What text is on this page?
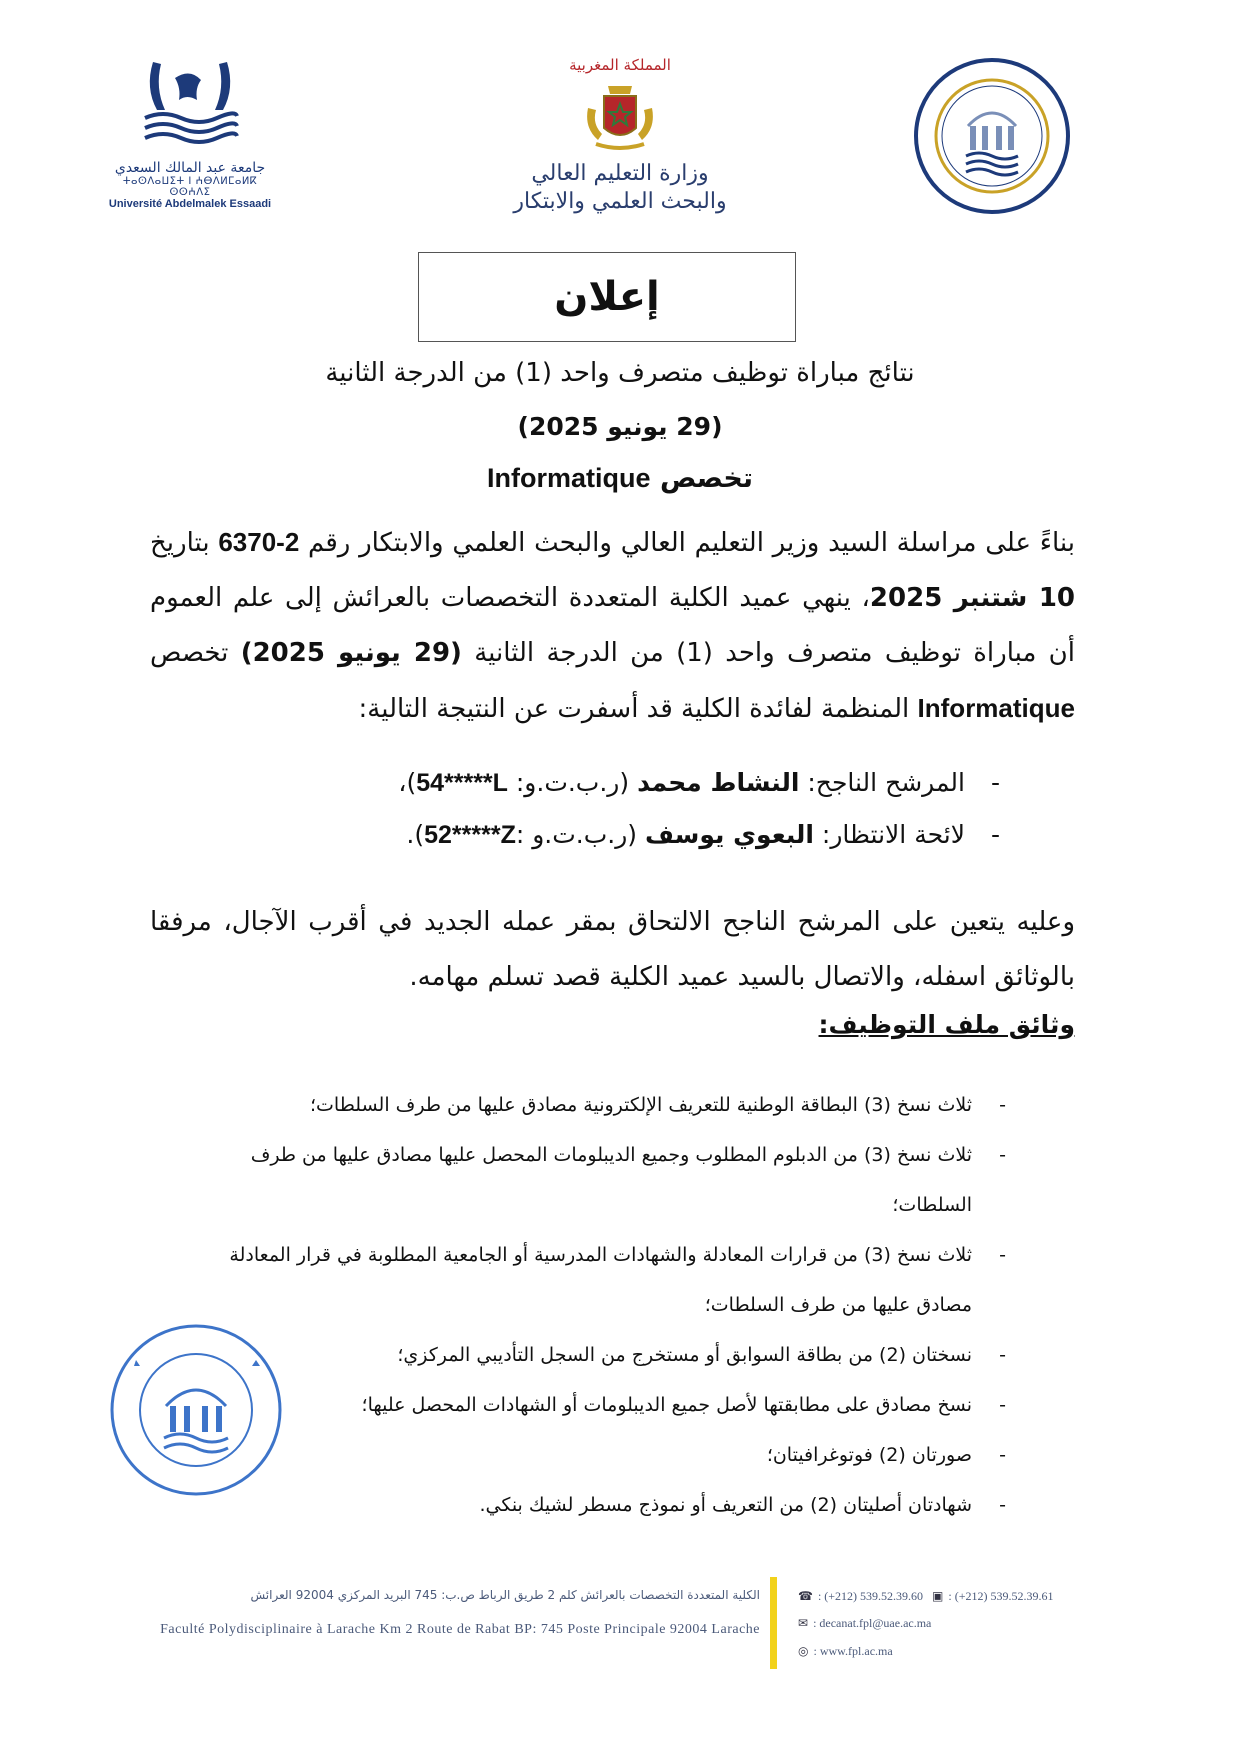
جامعة عبد المالك السعدي
ⵜⴰⵙⴷⴰⵡⵉⵜ ⵏ ⵄⴱⴷⵍⵎⴰⵍⴽ ⵙⵙⵄⴷⵉ
Université Abdelmalek Essaadi
المملكة المغربية
وزارة التعليم العالي
والبحث العلمي والابتكار
إعلان
نتائج مباراة توظيف متصرف واحد (1) من الدرجة الثانية
(29 يونيو 2025)
تخصص Informatique
بناءً على مراسلة السيد وزير التعليم العالي والبحث العلمي والابتكار رقم 2-6370 بتاريخ 10 شتنبر 2025، ينهي عميد الكلية المتعددة التخصصات بالعرائش إلى علم العموم أن مباراة توظيف متصرف واحد (1) من الدرجة الثانية (29 يونيو 2025) تخصص Informatique المنظمة لفائدة الكلية قد أسفرت عن النتيجة التالية:
-المرشح الناجح: النشاط محمد (ر.ب.ت.و: 54*****L)،
-لائحة الانتظار: البعوي يوسف (ر.ب.ت.و :52*****Z).
وعليه يتعين على المرشح الناجح الالتحاق بمقر عمله الجديد في أقرب الآجال، مرفقا بالوثائق اسفله، والاتصال بالسيد عميد الكلية قصد تسلم مهامه.
وثائق ملف التوظيف:
- ثلاث نسخ (3) البطاقة الوطنية للتعريف الإلكترونية مصادق عليها من طرف السلطات؛
- ثلاث نسخ (3) من الدبلوم المطلوب وجميع الديبلومات المحصل عليها مصادق عليها من طرف السلطات؛
- ثلاث نسخ (3) من قرارات المعادلة والشهادات المدرسية أو الجامعية المطلوبة في قرار المعادلة مصادق عليها من طرف السلطات؛
- نسختان (2) من بطاقة السوابق أو مستخرج من السجل التأديبي المركزي؛
- نسخ مصادق على مطابقتها لأصل جميع الديبلومات أو الشهادات المحصل عليها؛
- صورتان (2) فوتوغرافيتان؛
- شهادتان أصليتان (2) من التعريف أو نموذج مسطر لشيك بنكي.
الكلية المتعددة التخصصات بالعرائش كلم 2 طريق الرباط ص.ب: 745 البريد المركزي 92004 العرائش
Faculté Polydisciplinaire à Larache Km 2 Route de Rabat BP: 745 Poste Principale 92004 Larache
☎ : (+212) 539.52.39.60 ▣ : (+212) 539.52.39.61
✉ : decanat.fpl@uae.ac.ma
◎ : www.fpl.ac.ma
